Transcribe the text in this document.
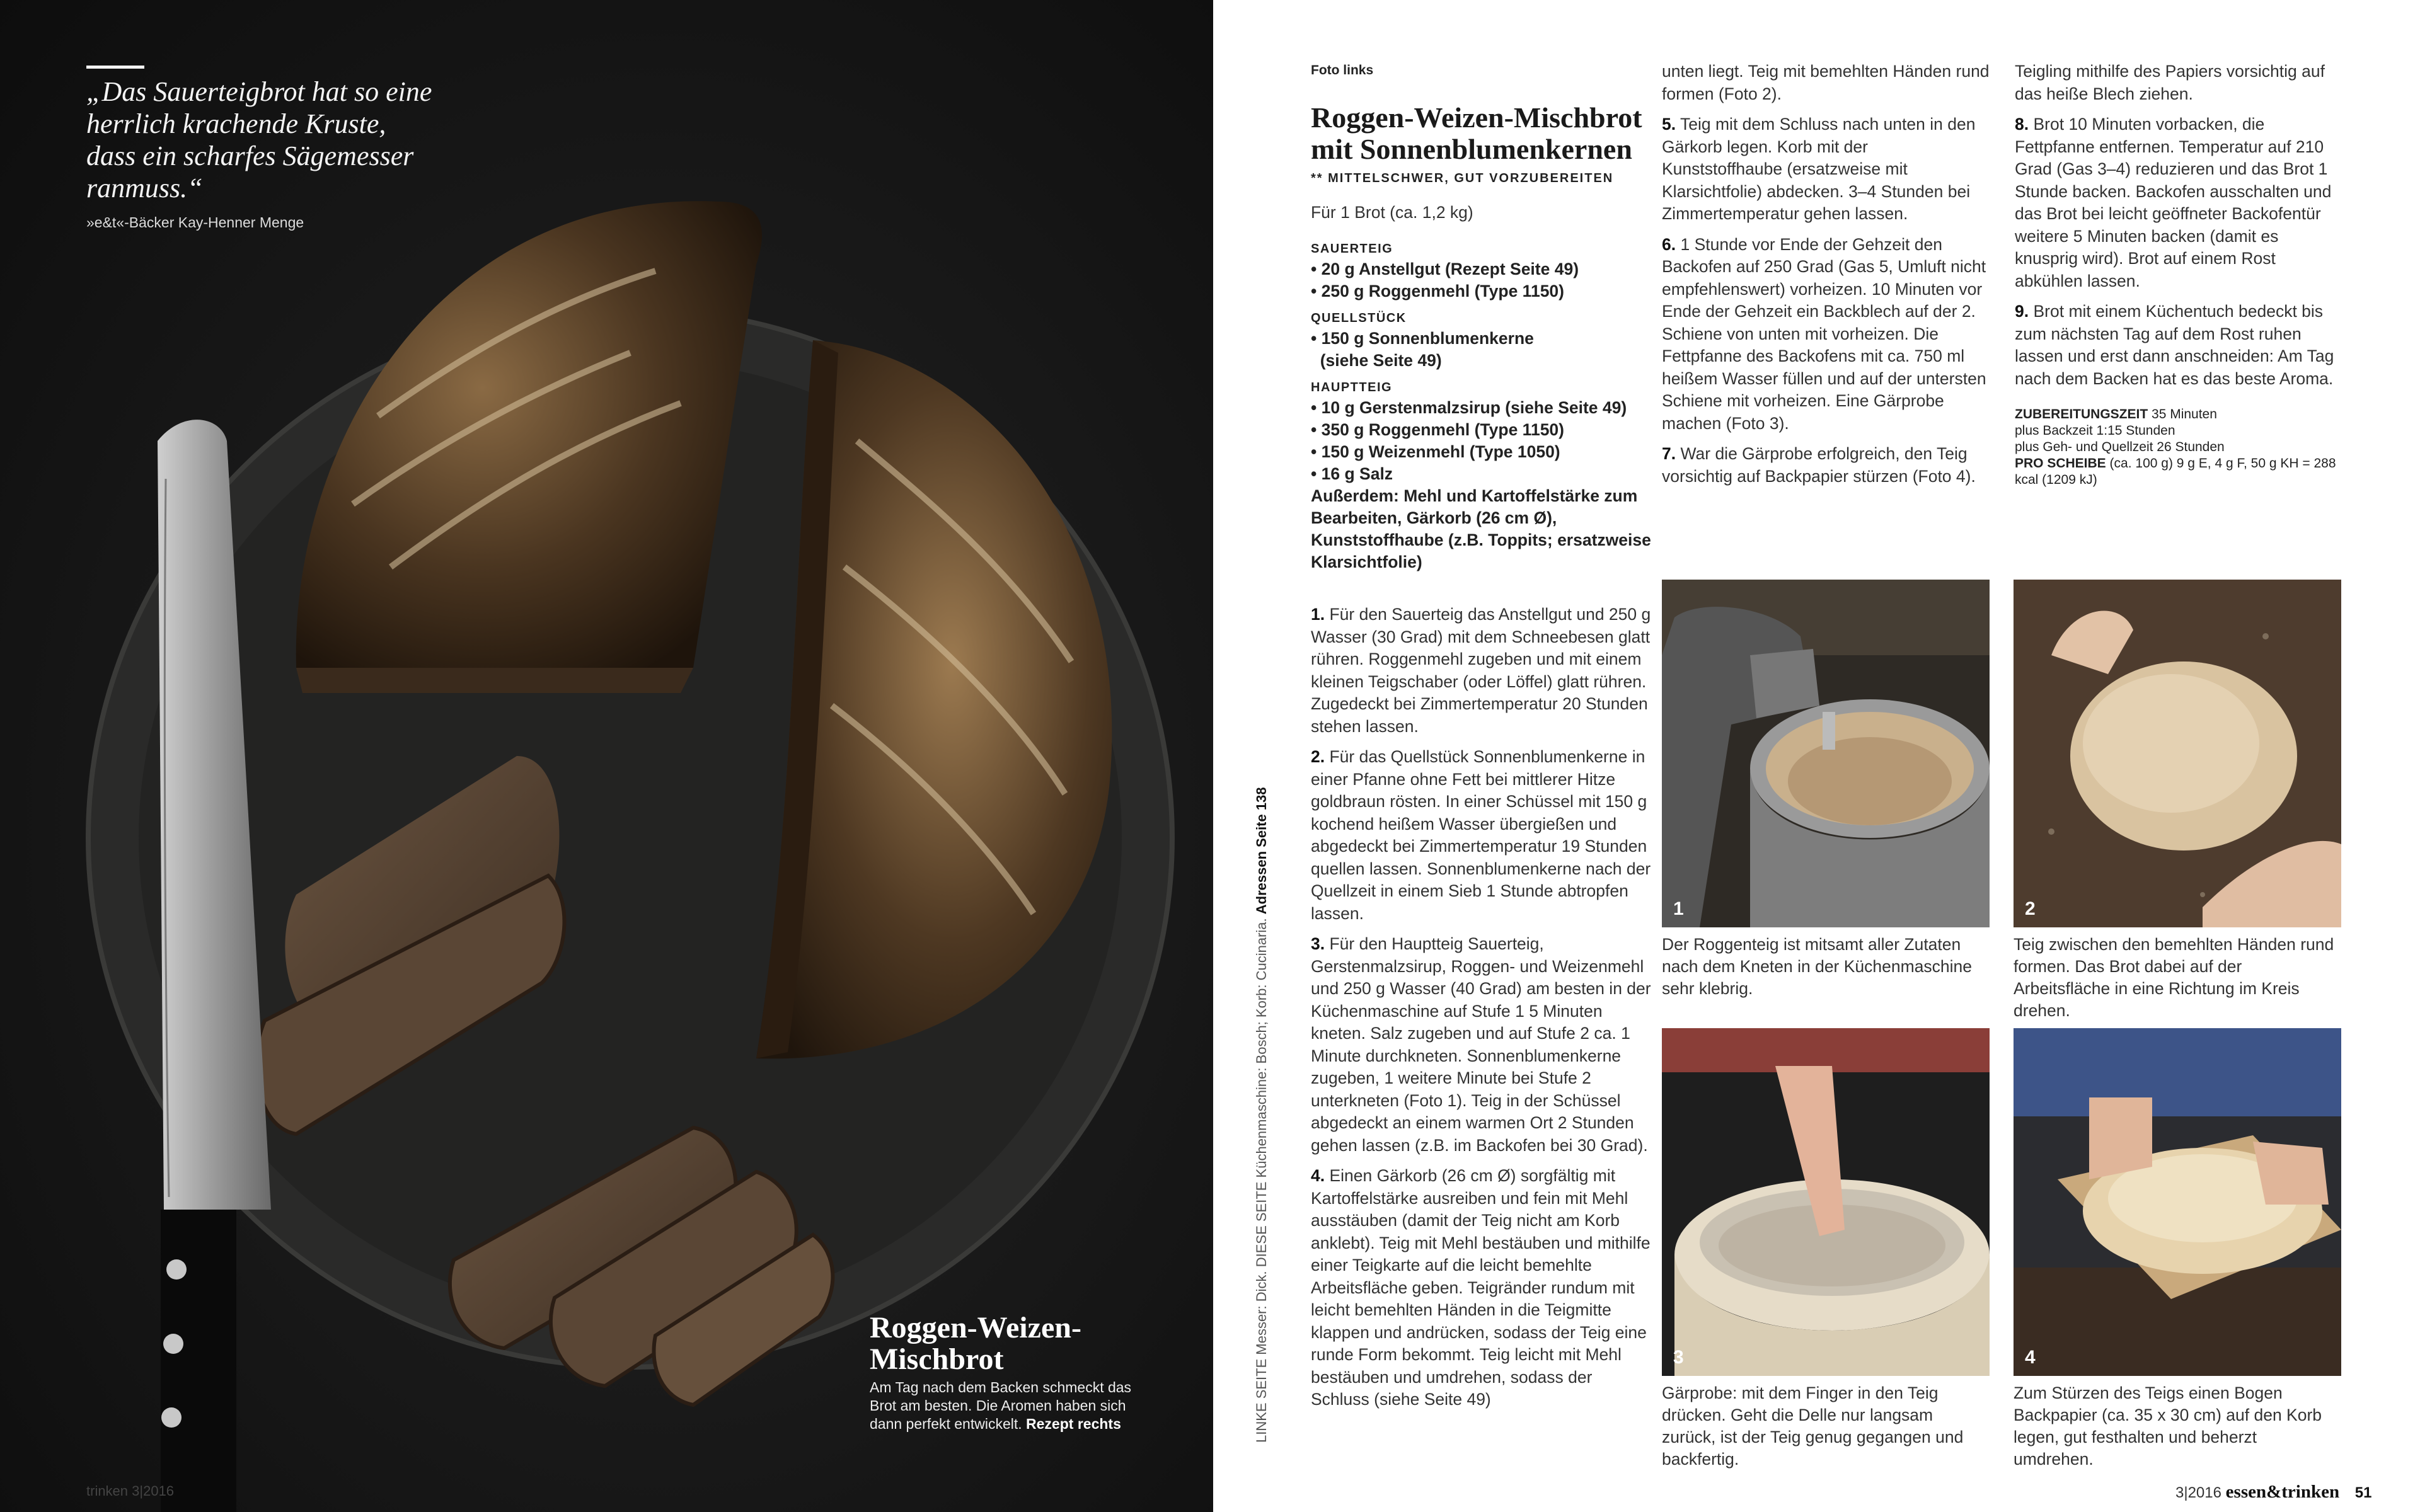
„Das Sauerteigbrot hat so eine herrlich krachende Kruste, dass ein scharfes Sägemesser ranmuss.“
»e&t«-Bäcker Kay-Henner Menge
Roggen-Weizen-Mischbrot
Am Tag nach dem Backen schmeckt das Brot am besten. Die Aromen haben sich dann perfekt entwickelt. Rezept rechts
trinken 3|2016
LINKE SEITE Messer: Dick. DIESE SEITE Küchenmaschine: Bosch; Korb: Cucinaria. Adressen Seite 138
Foto links
Roggen-Weizen-Mischbrot mit Sonnenblumenkernen
** MITTELSCHWER, GUT VORZUBEREITEN
Für 1 Brot (ca. 1,2 kg)
SAUERTEIG
• 20 g Anstellgut (Rezept Seite 49)
• 250 g Roggenmehl (Type 1150)
QUELLSTÜCK
• 150 g Sonnenblumenkerne
(siehe Seite 49)
HAUPTTEIG
• 10 g Gerstenmalzsirup (siehe Seite 49)
• 350 g Roggenmehl (Type 1150)
• 150 g Weizenmehl (Type 1050)
• 16 g Salz
Außerdem: Mehl und Kartoffelstärke zum Bearbeiten, Gärkorb (26 cm Ø), Kunststoffhaube (z.B. Toppits; ersatzweise Klarsichtfolie)

1. Für den Sauerteig das Anstellgut und 250 g Wasser (30 Grad) mit dem Schneebesen glatt rühren. Roggenmehl zugeben und mit einem kleinen Teigschaber (oder Löffel) glatt rühren. Zugedeckt bei Zimmertemperatur 20 Stunden stehen lassen.

2. Für das Quellstück Sonnenblumenkerne in einer Pfanne ohne Fett bei mittlerer Hitze goldbraun rösten. In einer Schüssel mit 150 g kochend heißem Wasser übergießen und abgedeckt bei Zimmertemperatur 19 Stunden quellen lassen. Sonnenblumenkerne nach der Quellzeit in einem Sieb 1 Stunde abtropfen lassen.

3. Für den Hauptteig Sauerteig, Gerstenmalzsirup, Roggen- und Weizenmehl und 250 g Wasser (40 Grad) am besten in der Küchenmaschine auf Stufe 1 5 Minuten kneten. Salz zugeben und auf Stufe 2 ca. 1 Minute durchkneten. Sonnenblumenkerne zugeben, 1 weitere Minute bei Stufe 2 unterkneten (Foto 1). Teig in der Schüssel abgedeckt an einem warmen Ort 2 Stunden gehen lassen (z.B. im Backofen bei 30 Grad).

4. Einen Gärkorb (26 cm Ø) sorgfältig mit Kartoffelstärke ausreiben und fein mit Mehl ausstäuben (damit der Teig nicht am Korb anklebt). Teig mit Mehl bestäuben und mithilfe einer Teigkarte auf die leicht bemehlte Arbeitsfläche geben. Teigränder rundum mit leicht bemehlten Händen in die Teigmitte klappen und andrücken, sodass der Teig eine runde Form bekommt. Teig leicht mit Mehl bestäuben und umdrehen, sodass der Schluss (siehe Seite 49)

unten liegt. Teig mit bemehlten Händen rund formen (Foto 2).

5. Teig mit dem Schluss nach unten in den Gärkorb legen. Korb mit der Kunststoffhaube (ersatzweise mit Klarsichtfolie) abdecken. 3–4 Stunden bei Zimmertemperatur gehen lassen.

6. 1 Stunde vor Ende der Gehzeit den Backofen auf 250 Grad (Gas 5, Umluft nicht empfehlenswert) vorheizen. 10 Minuten vor Ende der Gehzeit ein Backblech auf der 2. Schiene von unten mit vorheizen. Die Fettpfanne des Backofens mit ca. 750 ml heißem Wasser füllen und auf der untersten Schiene mit vorheizen. Eine Gärprobe machen (Foto 3).

7. War die Gärprobe erfolgreich, den Teig vorsichtig auf Backpapier stürzen (Foto 4).

Teigling mithilfe des Papiers vorsichtig auf das heiße Blech ziehen.

8. Brot 10 Minuten vorbacken, die Fettpfanne entfernen. Temperatur auf 210 Grad (Gas 3–4) reduzieren und das Brot 1 Stunde backen. Backofen ausschalten und das Brot bei leicht geöffneter Backofentür weitere 5 Minuten backen (damit es knusprig wird). Brot auf einem Rost abkühlen lassen.

9. Brot mit einem Küchentuch bedeckt bis zum nächsten Tag auf dem Rost ruhen lassen und erst dann anschneiden: Am Tag nach dem Backen hat es das beste Aroma.

ZUBEREITUNGSZEIT 35 Minuten
plus Backzeit 1:15 Stunden
plus Geh- und Quellzeit 26 Stunden
PRO SCHEIBE (ca. 100 g) 9 g E, 4 g F, 50 g KH = 288 kcal (1209 kJ)
1
Der Roggenteig ist mitsamt aller Zutaten nach dem Kneten in der Küchenmaschine sehr klebrig.
2
Teig zwischen den bemehlten Händen rund formen. Das Brot dabei auf der Arbeitsfläche in eine Richtung im Kreis drehen.
3
Gärprobe: mit dem Finger in den Teig drücken. Geht die Delle nur langsam zurück, ist der Teig genug gegangen und backfertig.
4
Zum Stürzen des Teigs einen Bogen Backpapier (ca. 35 x 30 cm) auf den Korb legen, gut festhalten und beherzt umdrehen.
3|2016 essen&trinken 51
